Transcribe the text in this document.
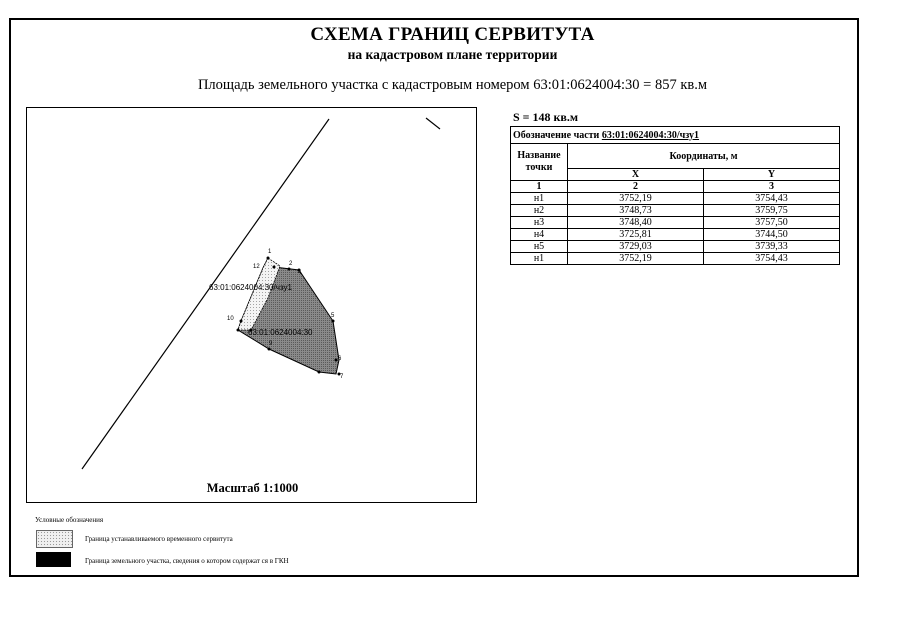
СХЕМА ГРАНИЦ СЕРВИТУТА
на кадастровом плане территории
Площадь земельного участка с кадастровым номером 63:01:0624004:30 = 857 кв.м
1
2
12
4
5
6
7
10
9
63:01:0624004:30/чзу1
63:01:0624004:30
Масштаб 1:1000
S = 148 кв.м
Обозначение части 63:01:0624004:30/чзу1		
Название точки	Координаты, м	
	X	Y
1	2	3
н1	3752,19	3754,43
н2	3748,73	3759,75
н3	3748,40	3757,50
н4	3725,81	3744,50
н5	3729,03	3739,33
н1	3752,19	3754,43
Условные обозначения
Граница устанавливаемого временного сервитута
Граница земельного участка, сведения о котором содержат ся в ГКН
